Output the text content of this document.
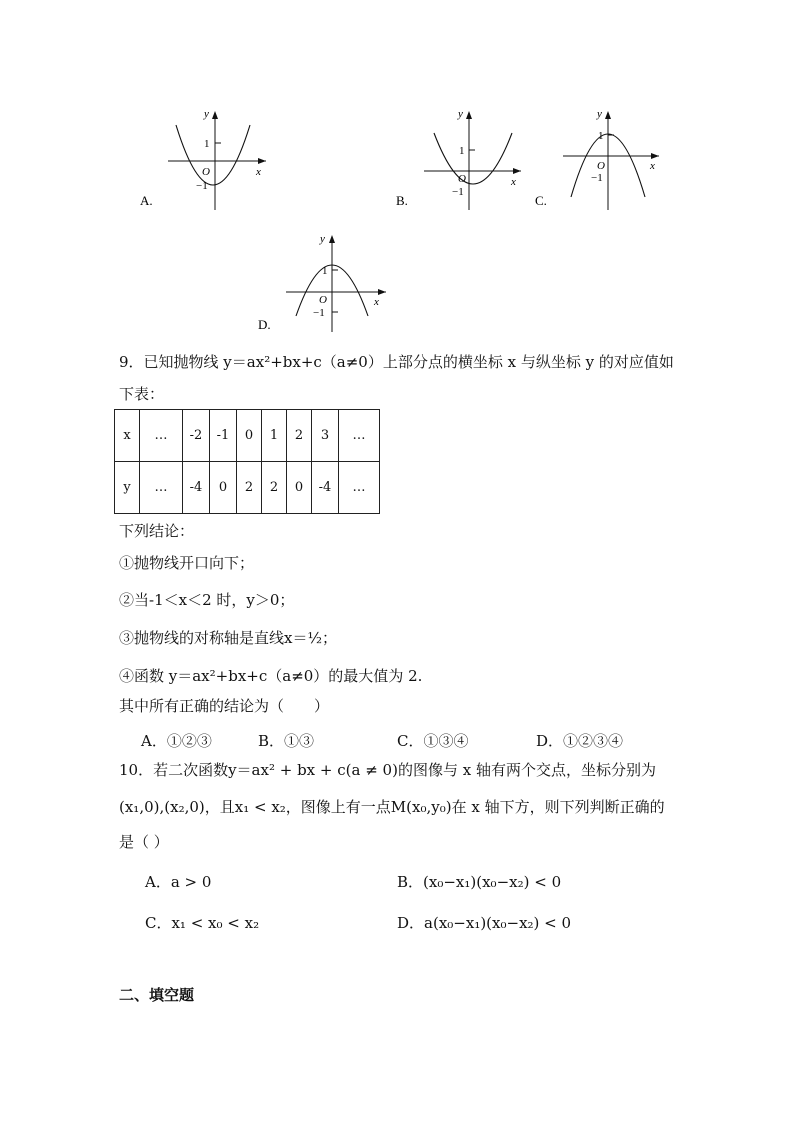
y
x
1
O
−1
A.
y
x
1
O
−1
B.
y
x
1
O
−1
C.
y
x
1
O
−1
D.
9．已知抛物线 y＝ax²+bx+c（a≠0）上部分点的横坐标 x 与纵坐标 y 的对应值如
下表：
x	…	-2	-1	0	1	2	3	…
y	…	-4	0	2	2	0	-4	…
下列结论：
①抛物线开口向下；
②当-1＜x＜2 时，y＞0；
③抛物线的对称轴是直线x＝½；
④函数 y＝ax²+bx+c（a≠0）的最大值为 2.
其中所有正确的结论为（　　）
A．①②③	B．①③	C．①③④	D．①②③④
10．若二次函数y＝ax² + bx + c(a ≠ 0)的图像与 x 轴有两个交点，坐标分别为
(x₁,0),(x₂,0)，且x₁ < x₂，图像上有一点M(x₀,y₀)在 x 轴下方，则下列判断正确的
是（ ）
A．a > 0	B．(x₀−x₁)(x₀−x₂) < 0
C．x₁ < x₀ < x₂	D．a(x₀−x₁)(x₀−x₂) < 0
二、填空题
